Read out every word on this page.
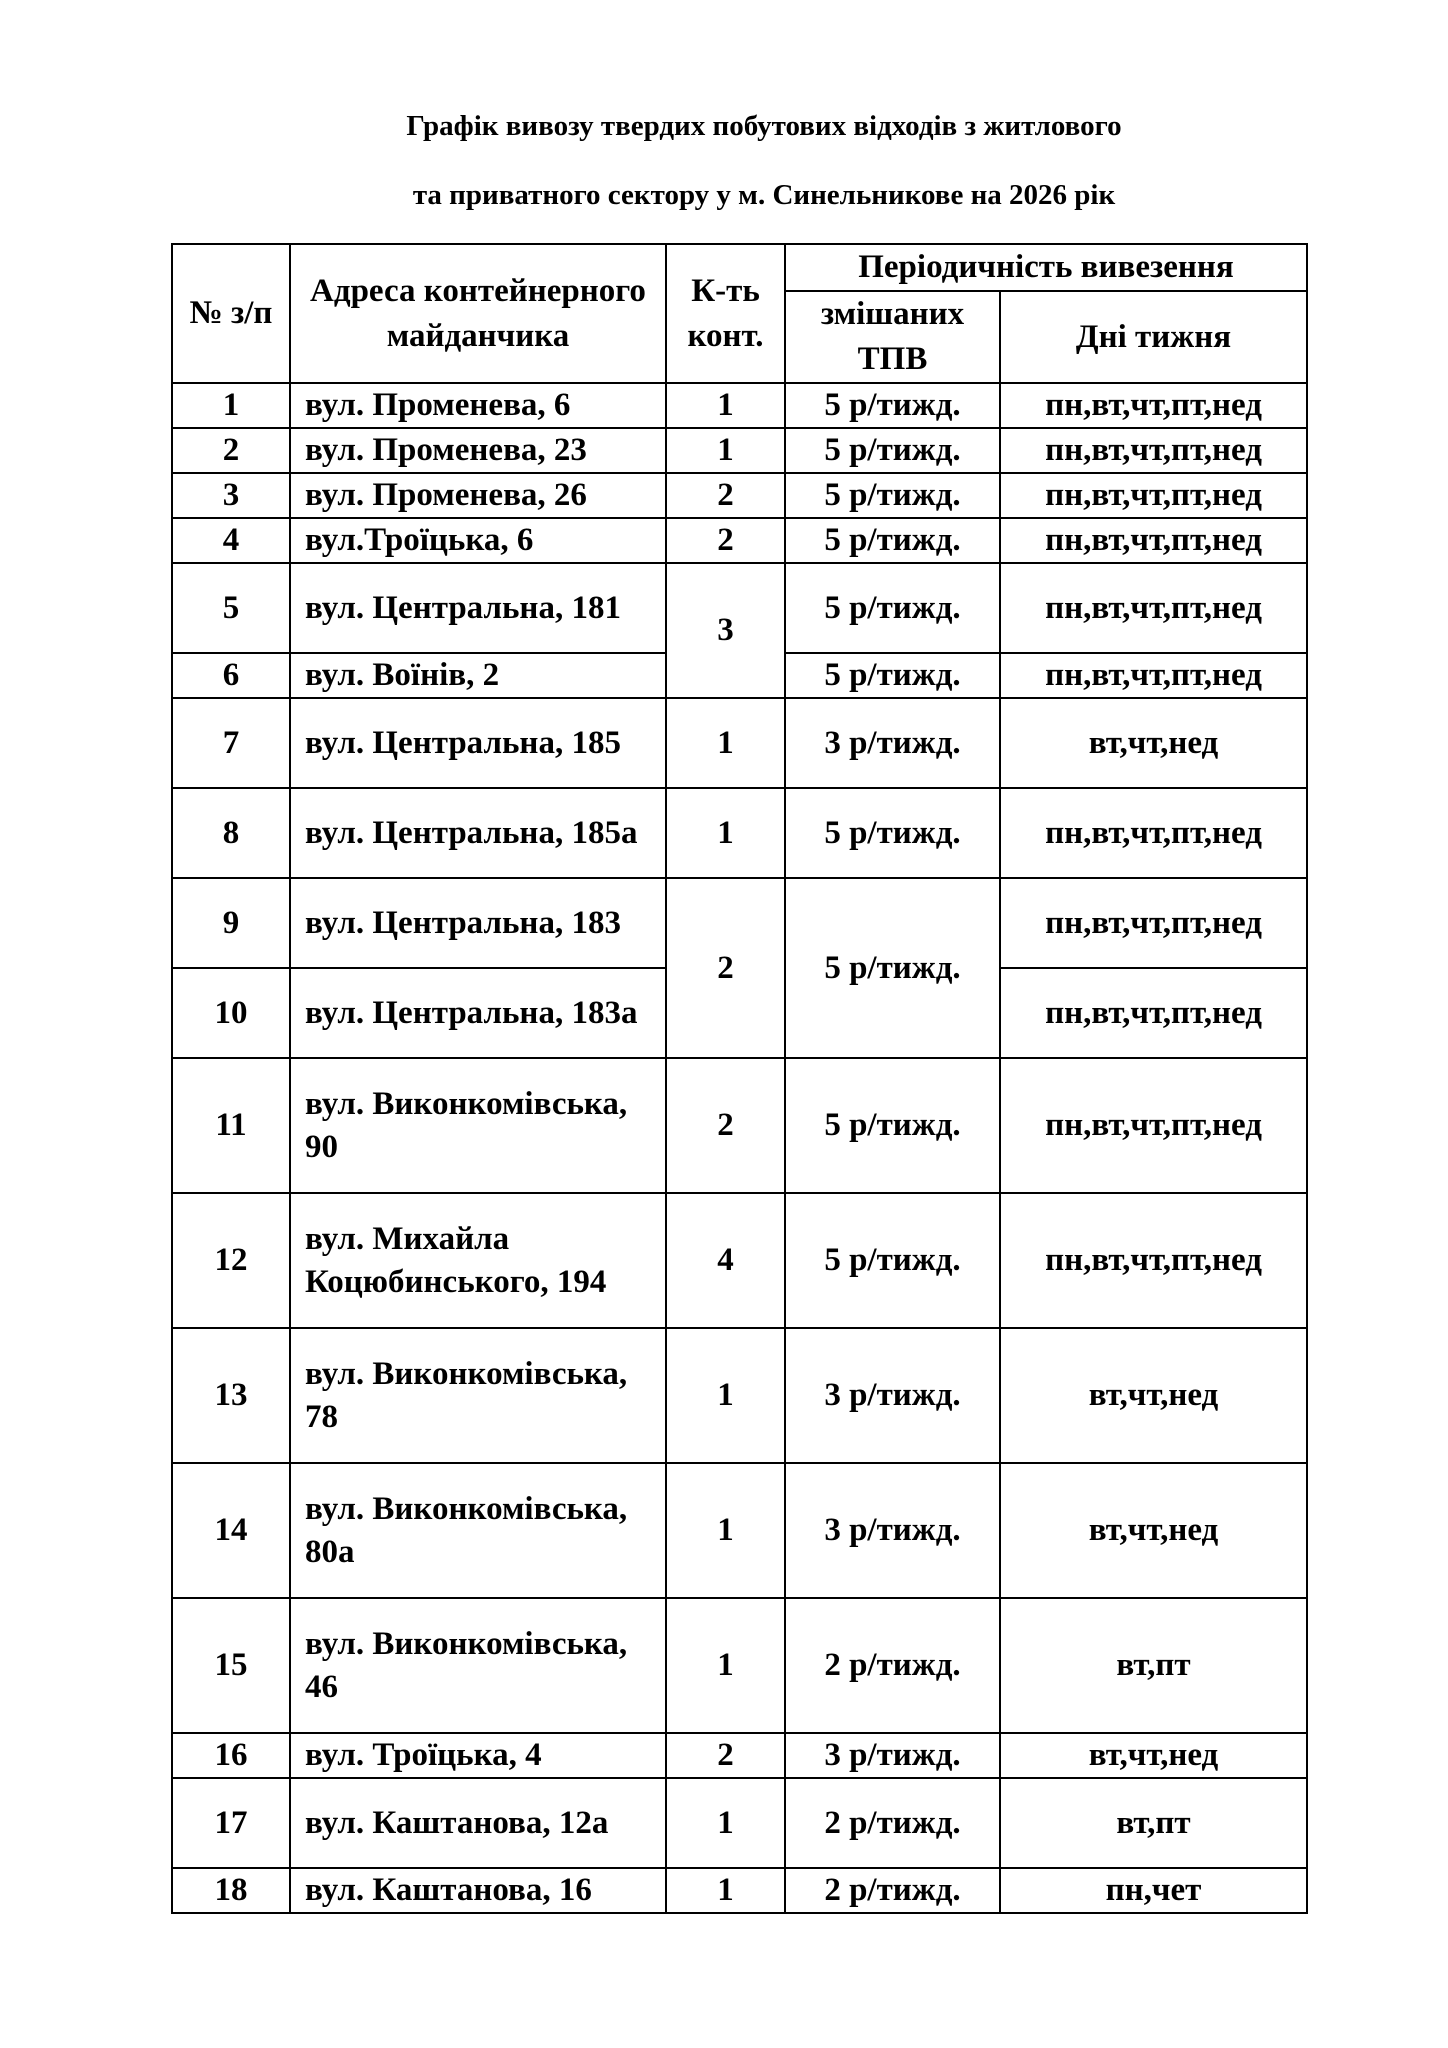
Графік вивозу твердих побутових відходів з житлового
та приватного сектору у м. Синельникове на 2026 рік
№ з/п	Адреса контейнерного майданчика	К-ть конт.	Періодичність вивезення	
			змішаних ТПВ	Дні тижня
1	вул. Променева, 6	1	5 р/тижд.	пн,вт,чт,пт,нед
2	вул. Променева, 23	1	5 р/тижд.	пн,вт,чт,пт,нед
3	вул. Променева, 26	2	5 р/тижд.	пн,вт,чт,пт,нед
4	вул.Троїцька, 6	2	5 р/тижд.	пн,вт,чт,пт,нед
5	вул. Центральна, 181	3	5 р/тижд.	пн,вт,чт,пт,нед
6	вул. Воїнів, 2		5 р/тижд.	пн,вт,чт,пт,нед
7	вул. Центральна, 185	1	3 р/тижд.	вт,чт,нед
8	вул. Центральна, 185а	1	5 р/тижд.	пн,вт,чт,пт,нед
9	вул. Центральна, 183	2	5 р/тижд.	пн,вт,чт,пт,нед
10	вул. Центральна, 183а			пн,вт,чт,пт,нед
11	вул. Виконкомівська, 90	2	5 р/тижд.	пн,вт,чт,пт,нед
12	вул. Михайла Коцюбинського, 194	4	5 р/тижд.	пн,вт,чт,пт,нед
13	вул. Виконкомівська, 78	1	3 р/тижд.	вт,чт,нед
14	вул. Виконкомівська, 80а	1	3 р/тижд.	вт,чт,нед
15	вул. Виконкомівська, 46	1	2 р/тижд.	вт,пт
16	вул. Троїцька, 4	2	3 р/тижд.	вт,чт,нед
17	вул. Каштанова, 12а	1	2 р/тижд.	вт,пт
18	вул. Каштанова, 16	1	2 р/тижд.	пн,чет
